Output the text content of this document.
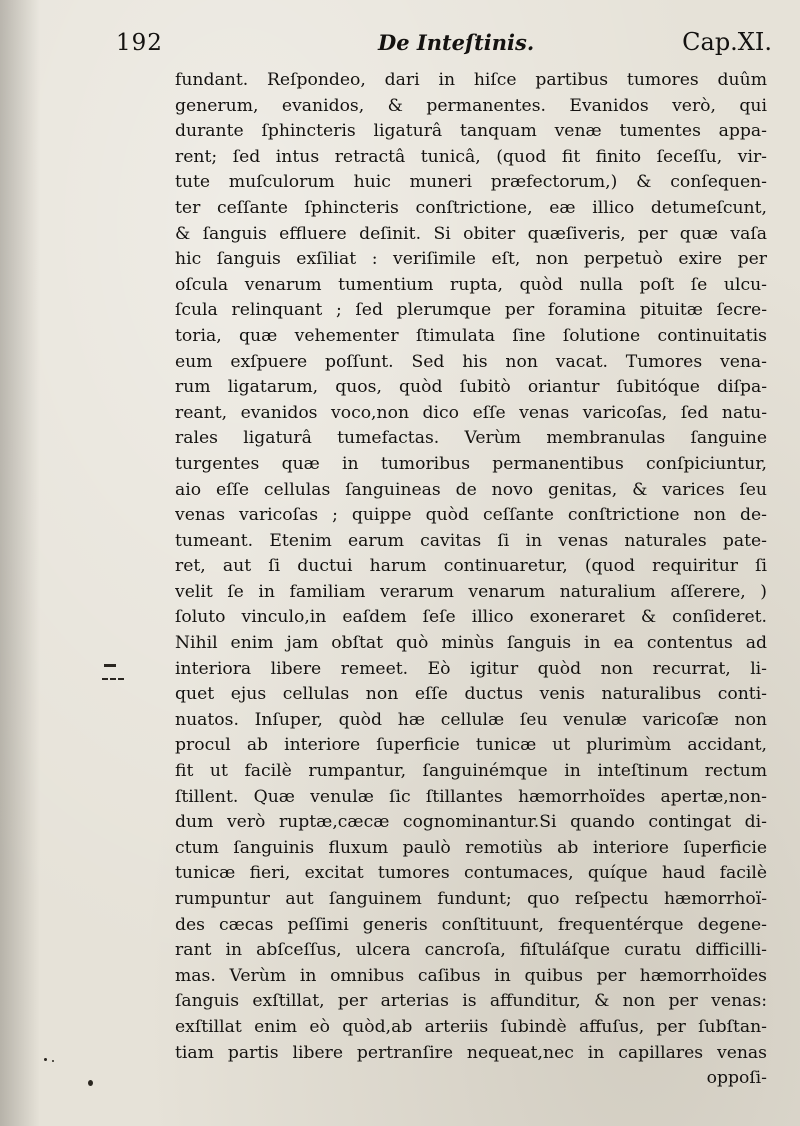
192	De Inteſtinis.	Cap.XI.
fundant. Reſpondeo, dari in hiſce partibus tumores duûm
generum, evanidos, & permanentes. Evanidos verò, qui
durante ſphincteris ligaturâ tanquam venæ tumentes appa-
rent; ſed intus retractâ tunicâ, (quod fit finito ſeceſſu, vir-
tute muſculorum huic muneri præfectorum,) & conſequen-
ter ceſſante ſphincteris conſtrictione, eæ illico detumeſcunt,
& ſanguis effluere deſinit. Si obiter quæſiveris, per quæ vaſa
hic ſanguis exſiliat : veriſimile eſt, non perpetuò exire per
oſcula venarum tumentium rupta, quòd nulla poſt ſe ulcu-
ſcula relinquant ; ſed plerumque per foramina pituitæ ſecre-
toria, quæ vehementer ſtimulata ſine ſolutione continuitatis
eum exſpuere poſſunt. Sed his non vacat. Tumores vena-
rum ligatarum, quos, quòd ſubitò oriantur ſubitóque diſpa-
reant, evanidos voco,non dico eſſe venas varicoſas, ſed natu-
rales ligaturâ tumefactas. Verùm membranulas ſanguine
turgentes quæ in tumoribus permanentibus conſpiciuntur,
aio eſſe cellulas ſanguineas de novo genitas, & varices ſeu
venas varicoſas ; quippe quòd ceſſante conſtrictione non de-
tumeant. Etenim earum cavitas ſi in venas naturales pate-
ret, aut ſi ductui harum continuaretur, (quod requiritur ſi
velit ſe in familiam verarum venarum naturalium aſſerere, )
ſoluto vinculo,in eaſdem ſeſe illico exoneraret & conſideret.
Nihil enim jam obſtat quò minùs ſanguis in ea contentus ad
interiora libere remeet. Eò igitur quòd non recurrat, li-
quet ejus cellulas non eſſe ductus venis naturalibus conti-
nuatos. Inſuper, quòd hæ cellulæ ſeu venulæ varicoſæ non
procul ab interiore ſuperficie tunicæ ut plurimùm accidant,
fit ut facilè rumpantur, ſanguinémque in inteſtinum rectum
ſtillent. Quæ venulæ ſic ſtillantes hæmorrhoïdes apertæ,non-
dum verò ruptæ,cæcæ cognominantur.Si quando contingat di-
ctum ſanguinis fluxum paulò remotiùs ab interiore ſuperficie
tunicæ fieri, excitat tumores contumaces, quíque haud facilè
rumpuntur aut ſanguinem fundunt; quo reſpectu hæmorrhoï-
des cæcas peſſimi generis conſtituunt, frequentérque degene-
rant in abſceſſus, ulcera cancroſa, fiſtuláſque curatu difficilli-
mas. Verùm in omnibus caſibus in quibus per hæmorrhoïdes
ſanguis exſtillat, per arterias is affunditur, & non per venas:
exſtillat enim eò quòd,ab arteriis ſubindè affuſus, per ſubſtan-
tiam partis libere pertranſire nequeat,nec in capillares venas
oppoſi-
